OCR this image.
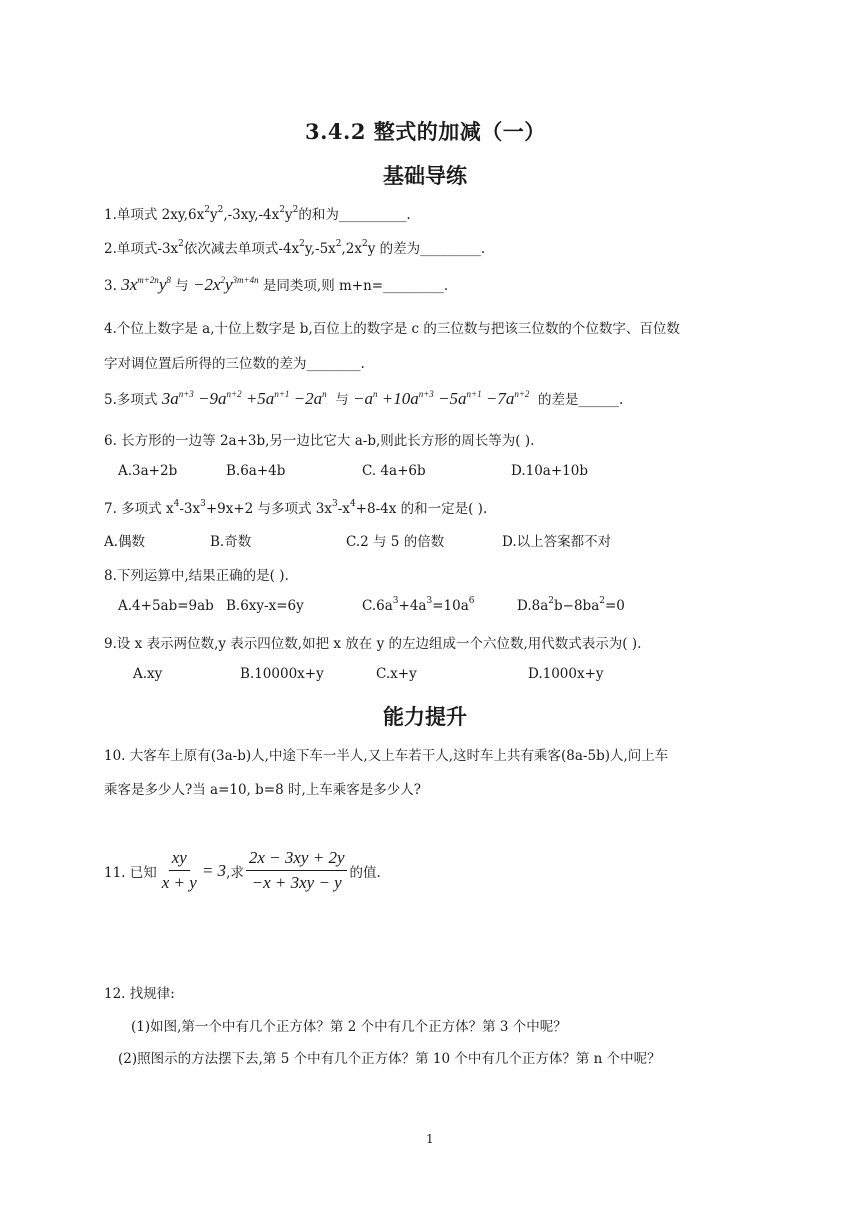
3.4.2 整式的加减（一）
基础导练
1.单项式 $2xy,6x^2y^2,-3xy,-4x^2y^2$的和为__________.
2.单项式$-3x^2$依次减去单项式$-4x^2y,-5x^2,2x^2y$ 的差为_________.
3. $3x^{m+2n}y^8$ 与 $-2x^2y^{3m+4n}$ 是同类项,则 m+n=_________.
4.个位上数字是 a,十位上数字是 b,百位上的数字是 c 的三位数与把该三位数的个位数字、百位数
字对调位置后所得的三位数的差为________.
5.多项式 $3a^{n+3} -9a^{n+2} +5a^{n+1} -2a^n$ 与 $-a^n +10a^{n+3} -5a^{n+1} -7a^{n+2}$ 的差是______.
6. 长方形的一边等 2a+3b,另一边比它大 a-b,则此长方形的周长等为( ).
A.3a+2b	B.6a+4b	C. 4a+6b	D.10a+10b
7. 多项式 $x^4-3x^3+9x+2$ 与多项式 $3x^3-x^4+8-4x$ 的和一定是( ).
A.偶数	B.奇数	C.2 与 5 的倍数	D.以上答案都不对
8.下列运算中,结果正确的是( ).
A.4+5ab=9ab B.6xy-x=6y	$C.6a^3+4a^3=10a^6$	$D.8a^2b-8ba^2=0$
9.设 x 表示两位数,y 表示四位数,如把 x 放在 y 的左边组成一个六位数,用代数式表示为( ).
A.xy	B.10000x+y	C.x+y	D.1000x+y
能力提升
10. 大客车上原有(3a-b)人,中途下车一半人,又上车若干人,这时车上共有乘客(8a-5b)人,问上车
乘客是多少人?当 a=10, b=8 时,上车乘客是多少人?
11. 已知 $\frac{xy}{x + y} = 3$ ,求 $\frac{2x - 3xy + 2y}{-x + 3xy - y}$ 的值.
12. 找规律:
(1)如图,第一个中有几个正方体？第 2 个中有几个正方体？第 3 个中呢？
(2)照图示的方法摆下去,第 5 个中有几个正方体？第 10 个中有几个正方体？第 n 个中呢？
1
